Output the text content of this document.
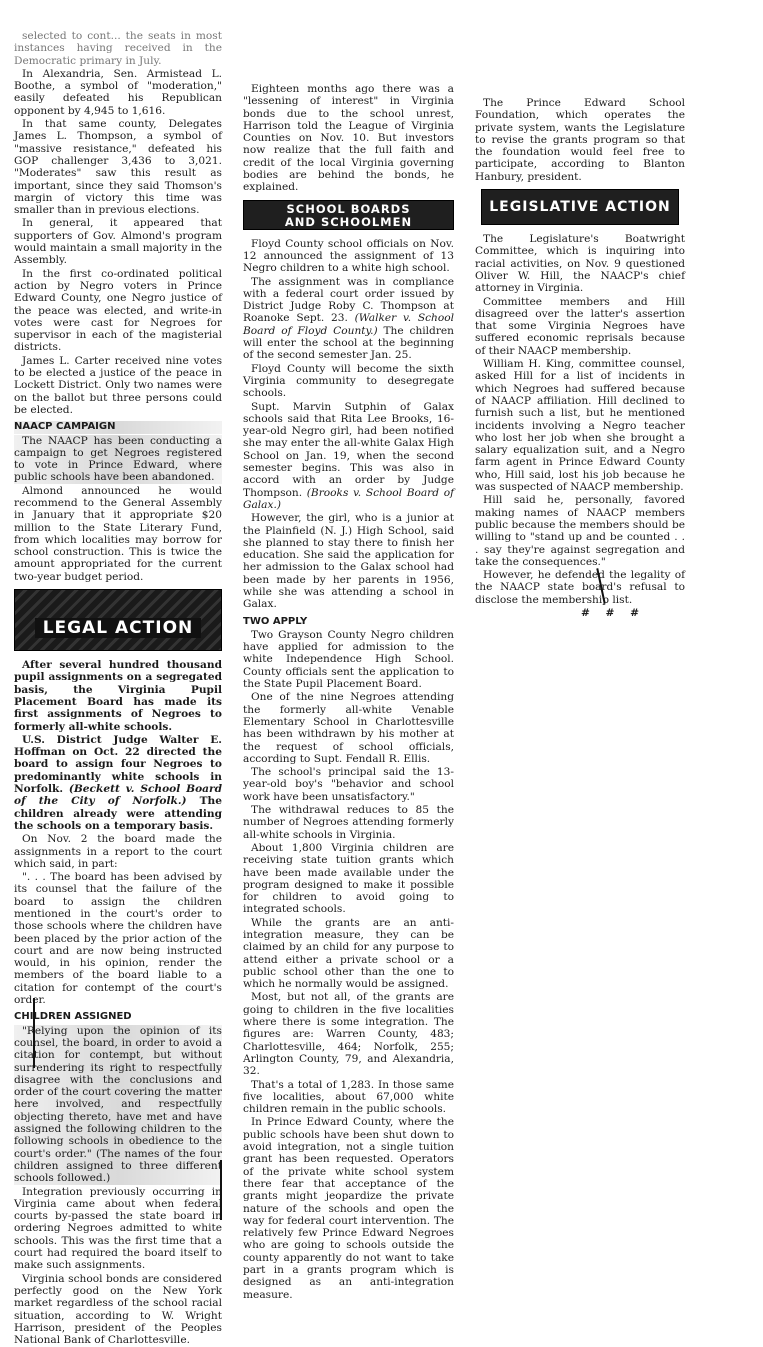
selected to cont... the seats in most instances having received in the Democratic primary in July.

In Alexandria, Sen. Armistead L. Boothe, a symbol of "moderation," easily defeated his Republican opponent by 4,945 to 1,616.

In that same county, Delegates James L. Thompson, a symbol of "massive resistance," defeated his GOP challenger 3,436 to 3,021. "Moderates" saw this result as important, since they said Thomson's margin of victory this time was smaller than in previous elections.

In general, it appeared that supporters of Gov. Almond's program would maintain a small majority in the Assembly.

In the first co-ordinated political action by Negro voters in Prince Edward County, one Negro justice of the peace was elected, and write-in votes were cast for Negroes for supervisor in each of the magisterial districts.

James L. Carter received nine votes to be elected a justice of the peace in Lockett District. Only two names were on the ballot but three persons could be elected.

NAACP CAMPAIGN

The NAACP has been conducting a campaign to get Negroes registered to vote in Prince Edward, where public schools have been abandoned.

Almond announced he would recommend to the General Assembly in January that it appropriate $20 million to the State Literary Fund, from which localities may borrow for school construction. This is twice the amount appropriated for the current two-year budget period.

LEGAL ACTION

After several hundred thousand pupil assignments on a segregated basis, the Virginia Pupil Placement Board has made its first assignments of Negroes to formerly all-white schools.

U.S. District Judge Walter E. Hoffman on Oct. 22 directed the board to assign four Negroes to predominantly white schools in Norfolk. (Beckett v. School Board of the City of Norfolk.) The children already were attending the schools on a temporary basis.

On Nov. 2 the board made the assignments in a report to the court which said, in part:

". . . The board has been advised by its counsel that the failure of the board to assign the children mentioned in the court's order to those schools where the children have been placed by the prior action of the court and are now being instructed would, in his opinion, render the members of the board liable to a citation for contempt of the court's order.

CHILDREN ASSIGNED

"Relying upon the opinion of its counsel, the board, in order to avoid a citation for contempt, but without surrendering its right to respectfully disagree with the conclusions and order of the court covering the matter here involved, and respectfully objecting thereto, have met and have assigned the following children to the following schools in obedience to the court's order." (The names of the four children assigned to three different schools followed.)

Integration previously occurring in Virginia came about when federal courts by-passed the state board in ordering Negroes admitted to white schools. This was the first time that a court had required the board itself to make such assignments.

Virginia school bonds are considered perfectly good on the New York market regardless of the school racial situation, according to W. Wright Harrison, president of the Peoples National Bank of Charlottesville.

Eighteen months ago there was a "lessening of interest" in Virginia bonds due to the school unrest, Harrison told the League of Virginia Counties on Nov. 10. But investors now realize that the full faith and credit of the local Virginia governing bodies are behind the bonds, he explained.

SCHOOL BOARDS
AND SCHOOLMEN

Floyd County school officials on Nov. 12 announced the assignment of 13 Negro children to a white high school.

The assignment was in compliance with a federal court order issued by District Judge Roby C. Thompson at Roanoke Sept. 23. (Walker v. School Board of Floyd County.) The children will enter the school at the beginning of the second semester Jan. 25.

Floyd County will become the sixth Virginia community to desegregate schools.

Supt. Marvin Sutphin of Galax schools said that Rita Lee Brooks, 16-year-old Negro girl, had been notified she may enter the all-white Galax High School on Jan. 19, when the second semester begins. This was also in accord with an order by Judge Thompson. (Brooks v. School Board of Galax.)

However, the girl, who is a junior at the Plainfield (N. J.) High School, said she planned to stay there to finish her education. She said the application for her admission to the Galax school had been made by her parents in 1956, while she was attending a school in Galax.

TWO APPLY

Two Grayson County Negro children have applied for admission to the white Independence High School. County officials sent the application to the State Pupil Placement Board.

One of the nine Negroes attending the formerly all-white Venable Elementary School in Charlottesville has been withdrawn by his mother at the request of school officials, according to Supt. Fendall R. Ellis.

The school's principal said the 13-year-old boy's "behavior and school work have been unsatisfactory."

The withdrawal reduces to 85 the number of Negroes attending formerly all-white schools in Virginia.

About 1,800 Virginia children are receiving state tuition grants which have been made available under the program designed to make it possible for children to avoid going to integrated schools.

While the grants are an anti-integration measure, they can be claimed by an child for any purpose to attend either a private school or a public school other than the one to which he normally would be assigned.

Most, but not all, of the grants are going to children in the five localities where there is some integration. The figures are: Warren County, 483; Charlottesville, 464; Norfolk, 255; Arlington County, 79, and Alexandria, 32.

That's a total of 1,283. In those same five localities, about 67,000 white children remain in the public schools.

In Prince Edward County, where the public schools have been shut down to avoid integration, not a single tuition grant has been requested. Operators of the private white school system there fear that acceptance of the grants might jeopardize the private nature of the schools and open the way for federal court intervention. The relatively few Prince Edward Negroes who are going to schools outside the county apparently do not want to take part in a grants program which is designed as an anti-integration measure.

The Prince Edward School Foundation, which operates the private system, wants the Legislature to revise the grants program so that the foundation would feel free to participate, according to Blanton Hanbury, president.

LEGISLATIVE ACTION

The Legislature's Boatwright Committee, which is inquiring into racial activities, on Nov. 9 questioned Oliver W. Hill, the NAACP's chief attorney in Virginia.

Committee members and Hill disagreed over the latter's assertion that some Virginia Negroes have suffered economic reprisals because of their NAACP membership.

William H. King, committee counsel, asked Hill for a list of incidents in which Negroes had suffered because of NAACP affiliation. Hill declined to furnish such a list, but he mentioned incidents involving a Negro teacher who lost her job when she brought a salary equalization suit, and a Negro farm agent in Prince Edward County who, Hill said, lost his job because he was suspected of NAACP membership.

Hill said he, personally, favored making names of NAACP members public because the members should be willing to "stand up and be counted . . . say they're against segregation and take the consequences."

However, he defended the legality of the NAACP state board's refusal to disclose the membership list.

# # #
